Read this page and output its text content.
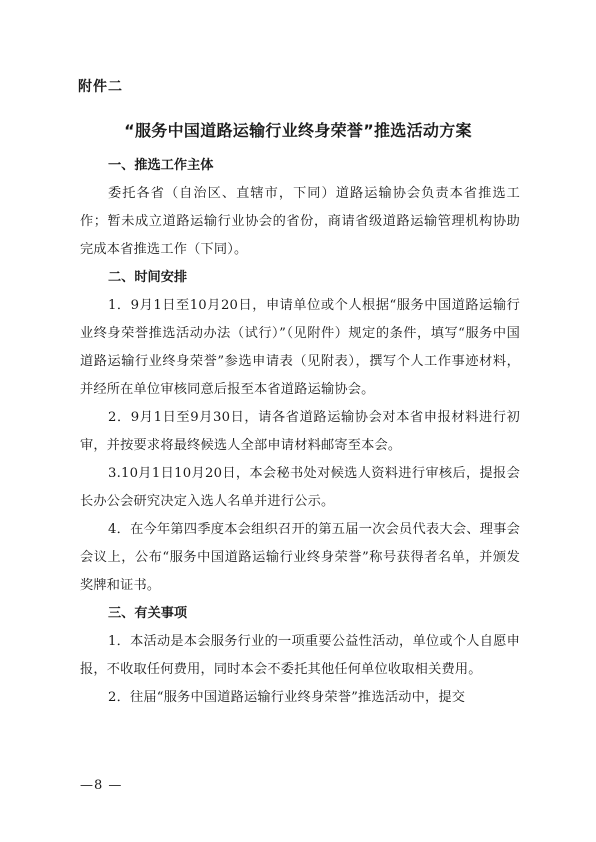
附件二
“服务中国道路运输行业终身荣誉”推选活动方案

一、推选工作主体

委托各省（自治区、直辖市，下同）道路运输协会负责本省推选工作；暂未成立道路运输行业协会的省份，商请省级道路运输管理机构协助完成本省推选工作（下同）。

二、时间安排

1．9月1日至10月20日，申请单位或个人根据“服务中国道路运输行业终身荣誉推选活动办法（试行）”（见附件）规定的条件，填写“服务中国道路运输行业终身荣誉”参选申请表（见附表），撰写个人工作事迹材料，并经所在单位审核同意后报至本省道路运输协会。

2．9月1日至9月30日，请各省道路运输协会对本省申报材料进行初审，并按要求将最终候选人全部申请材料邮寄至本会。

3.10月1日10月20日，本会秘书处对候选人资料进行审核后，提报会长办公会研究决定入选人名单并进行公示。

4．在今年第四季度本会组织召开的第五届一次会员代表大会、理事会会议上，公布“服务中国道路运输行业终身荣誉”称号获得者名单，并颁发奖牌和证书。

三、有关事项

1．本活动是本会服务行业的一项重要公益性活动，单位或个人自愿申报，不收取任何费用，同时本会不委托其他任何单位收取相关费用。

2．往届“服务中国道路运输行业终身荣誉”推选活动中，提交

—8 —
